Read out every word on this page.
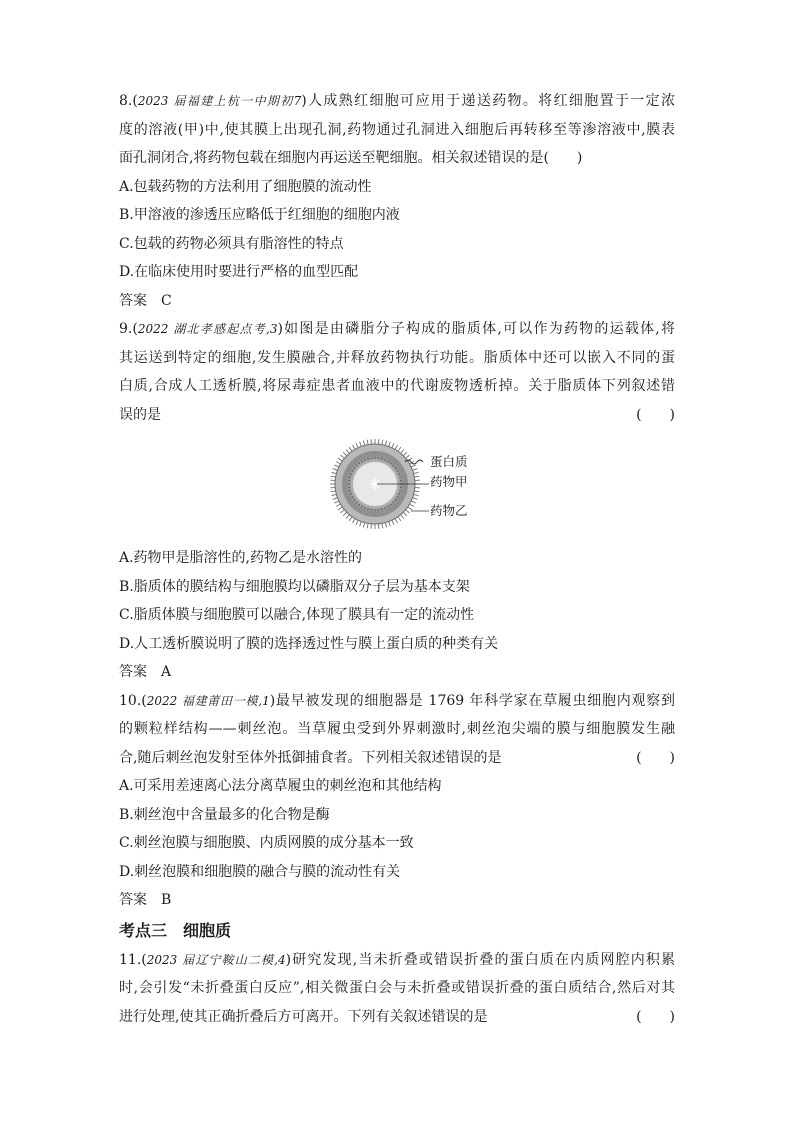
8.(2023 届福建上杭一中期初7)人成熟红细胞可应用于递送药物。将红细胞置于一定浓
度的溶液(甲)中,使其膜上出现孔洞,药物通过孔洞进入细胞后再转移至等渗溶液中,膜表
面孔洞闭合,将药物包载在细胞内再运送至靶细胞。相关叙述错误的是(　　)
A.包载药物的方法利用了细胞膜的流动性
B.甲溶液的渗透压应略低于红细胞的细胞内液
C.包载的药物必须具有脂溶性的特点
D.在临床使用时要进行严格的血型匹配
答案　C
9.(2022 湖北孝感起点考,3)如图是由磷脂分子构成的脂质体,可以作为药物的运载体,将
其运送到特定的细胞,发生膜融合,并释放药物执行功能。脂质体中还可以嵌入不同的蛋
白质,合成人工透析膜,将尿毒症患者血液中的代谢废物透析掉。关于脂质体下列叙述错
误的是	(　　)
蛋白质
药物甲
药物乙
A.药物甲是脂溶性的,药物乙是水溶性的
B.脂质体的膜结构与细胞膜均以磷脂双分子层为基本支架
C.脂质体膜与细胞膜可以融合,体现了膜具有一定的流动性
D.人工透析膜说明了膜的选择透过性与膜上蛋白质的种类有关
答案　A
10.(2022 福建莆田一模,1)最早被发现的细胞器是 1769 年科学家在草履虫细胞内观察到
的颗粒样结构——刺丝泡。当草履虫受到外界刺激时,刺丝泡尖端的膜与细胞膜发生融
合,随后刺丝泡发射至体外抵御捕食者。下列相关叙述错误的是	(　　)
A.可采用差速离心法分离草履虫的刺丝泡和其他结构
B.刺丝泡中含量最多的化合物是酶
C.刺丝泡膜与细胞膜、内质网膜的成分基本一致
D.刺丝泡膜和细胞膜的融合与膜的流动性有关
答案　B
考点三　细胞质
11.(2023 届辽宁鞍山二模,4)研究发现,当未折叠或错误折叠的蛋白质在内质网腔内积累
时,会引发“未折叠蛋白反应”,相关微蛋白会与未折叠或错误折叠的蛋白质结合,然后对其
进行处理,使其正确折叠后方可离开。下列有关叙述错误的是	(　　)
